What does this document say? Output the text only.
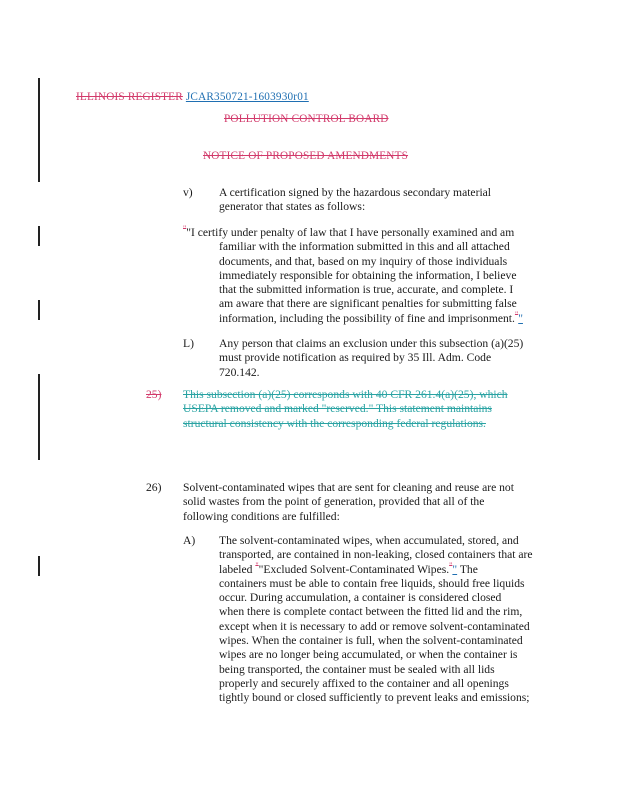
ILLINOIS REGISTER JCAR350721-1603930r01
POLLUTION CONTROL BOARD
NOTICE OF PROPOSED AMENDMENTS
v) A certification signed by the hazardous secondary material
generator that states as follows:
""I certify under penalty of law that I have personally examined and am
familiar with the information submitted in this and all attached
documents, and that, based on my inquiry of those individuals
immediately responsible for obtaining the information, I believe
that the submitted information is true, accurate, and complete. I
am aware that there are significant penalties for submitting false
information, including the possibility of fine and imprisonment.""
L) Any person that claims an exclusion under this subsection (a)(25)
must provide notification as required by 35 Ill. Adm. Code
720.142.
25) This subsection (a)(25) corresponds with 40 CFR 261.4(a)(25), which
USEPA removed and marked "reserved." This statement maintains
structural consistency with the corresponding federal regulations.
26) Solvent-contaminated wipes that are sent for cleaning and reuse are not
solid wastes from the point of generation, provided that all of the
following conditions are fulfilled:
A) The solvent-contaminated wipes, when accumulated, stored, and
transported, are contained in non-leaking, closed containers that are
labeled ""Excluded Solvent-Contaminated Wipes."" The
containers must be able to contain free liquids, should free liquids
occur. During accumulation, a container is considered closed
when there is complete contact between the fitted lid and the rim,
except when it is necessary to add or remove solvent-contaminated
wipes. When the container is full, when the solvent-contaminated
wipes are no longer being accumulated, or when the container is
being transported, the container must be sealed with all lids
properly and securely affixed to the container and all openings
tightly bound or closed sufficiently to prevent leaks and emissions;
